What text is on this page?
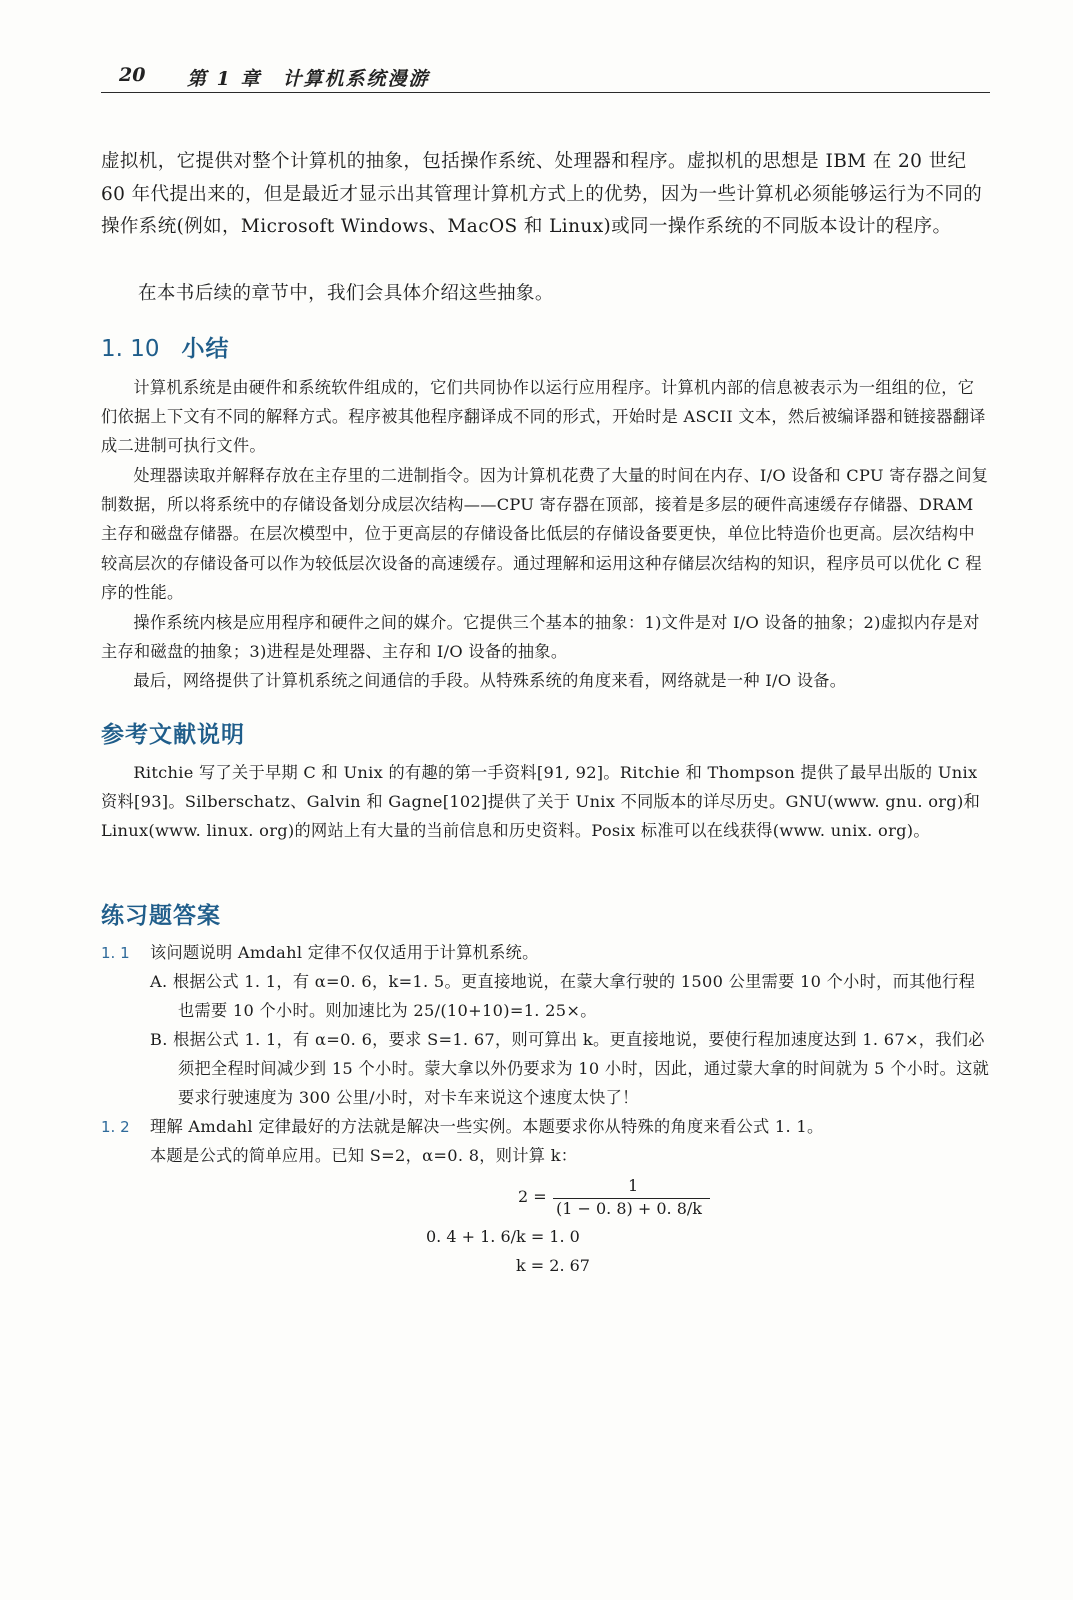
20 第 1 章　计算机系统漫游

虚拟机，它提供对整个计算机的抽象，包括操作系统、处理器和程序。虚拟机的思想是 IBM 在 20 世纪 60 年代提出来的，但是最近才显示出其管理计算机方式上的优势，因为一些计算机必须能够运行为不同的操作系统(例如，Microsoft Windows、MacOS 和 Linux)或同一操作系统的不同版本设计的程序。

在本书后续的章节中，我们会具体介绍这些抽象。

1. 10 小结

计算机系统是由硬件和系统软件组成的，它们共同协作以运行应用程序。计算机内部的信息被表示为一组组的位，它们依据上下文有不同的解释方式。程序被其他程序翻译成不同的形式，开始时是 ASCII 文本，然后被编译器和链接器翻译成二进制可执行文件。

处理器读取并解释存放在主存里的二进制指令。因为计算机花费了大量的时间在内存、I/O 设备和 CPU 寄存器之间复制数据，所以将系统中的存储设备划分成层次结构——CPU 寄存器在顶部，接着是多层的硬件高速缓存存储器、DRAM 主存和磁盘存储器。在层次模型中，位于更高层的存储设备比低层的存储设备要更快，单位比特造价也更高。层次结构中较高层次的存储设备可以作为较低层次设备的高速缓存。通过理解和运用这种存储层次结构的知识，程序员可以优化 C 程序的性能。

操作系统内核是应用程序和硬件之间的媒介。它提供三个基本的抽象：1)文件是对 I/O 设备的抽象；2)虚拟内存是对主存和磁盘的抽象；3)进程是处理器、主存和 I/O 设备的抽象。

最后，网络提供了计算机系统之间通信的手段。从特殊系统的角度来看，网络就是一种 I/O 设备。

参考文献说明

Ritchie 写了关于早期 C 和 Unix 的有趣的第一手资料[91, 92]。Ritchie 和 Thompson 提供了最早出版的 Unix 资料[93]。Silberschatz、Galvin 和 Gagne[102]提供了关于 Unix 不同版本的详尽历史。GNU(www. gnu. org)和 Linux(www. linux. org)的网站上有大量的当前信息和历史资料。Posix 标准可以在线获得(www. unix. org)。

练习题答案
1. 1 该问题说明 Amdahl 定律不仅仅适用于计算机系统。

A. 根据公式 1. 1，有 α=0. 6，k=1. 5。更直接地说，在蒙大拿行驶的 1500 公里需要 10 个小时，而其他行程也需要 10 个小时。则加速比为 25/(10+10)=1. 25×。

B. 根据公式 1. 1，有 α=0. 6，要求 S=1. 67，则可算出 k。更直接地说，要使行程加速度达到 1. 67×，我们必须把全程时间减少到 15 个小时。蒙大拿以外仍要求为 10 小时，因此，通过蒙大拿的时间就为 5 个小时。这就要求行驶速度为 300 公里/小时，对卡车来说这个速度太快了！

1. 2 理解 Amdahl 定律最好的方法就是解决一些实例。本题要求你从特殊的角度来看公式 1. 1。

本题是公式的简单应用。已知 S=2，α=0. 8，则计算 k：

2 =
1
(1 − 0. 8) + 0. 8/k
0. 4 + 1. 6/k = 1. 0
k = 2. 67
